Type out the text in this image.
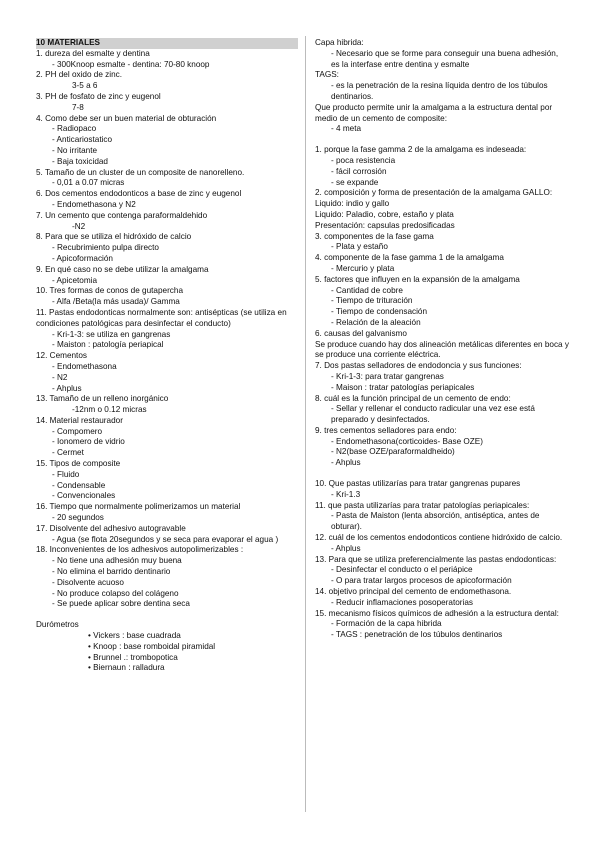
10 MATERIALES
1. dureza del esmalte y dentina
- 300Knoop esmalte - dentina: 70-80 knoop
2. PH del oxido de zinc.
3-5 a 6
3. PH de fosfato de zinc y eugenol
7-8
4. Como debe ser un buen material de obturación
- Radiopaco
- Anticariostatico
- No irritante
- Baja toxicidad
5. Tamaño de un cluster de un composite de nanorelleno.
- 0,01 a 0.07 micras
6. Dos cementos endodonticos a base de zinc y eugenol
- Endomethasona y N2
7. Un cemento que contenga paraformaldehido
-N2
8. Para que se utiliza el hidróxido de calcio
- Recubrimiento pulpa directo
- Apicoformación
9. En qué caso no se debe utilizar la amalgama
- Apicetomia
10. Tres formas de conos de gutapercha
- Alfa /Beta(la más usada)/ Gamma
11. Pastas endodonticas normalmente son: antisépticas (se utiliza en condiciones patológicas para desinfectar el conducto)
- Kri-1-3: se utiliza en gangrenas
- Maiston : patología periapical
12. Cementos
- Endomethasona
- N2
- Ahplus
13. Tamaño de un relleno inorgánico
-12nm o 0.12 micras
14. Material restaurador
- Compomero
- Ionomero de vidrio
- Cermet
15. Tipos de composite
- Fluido
- Condensable
- Convencionales
16. Tiempo que normalmente polimerizamos un material
- 20 segundos
17. Disolvente del adhesivo autogravable
- Agua (se flota 20segundos y se seca para evaporar el agua )
18. Inconvenientes de los adhesivos autopolimerizables :
- No tiene una adhesión muy buena
- No elimina el barrido dentinario
- Disolvente acuoso
- No produce colapso del colágeno
- Se puede aplicar sobre dentina seca
Durómetros
• Vickers : base cuadrada
• Knoop : base romboidal piramidal
• Brunnel .: trombopotica
• Biernaun : ralladura
Capa hibrida:
- Necesario que se forme para conseguir una buena adhesión, es la interfase entre dentina y esmalte
TAGS:
- es la penetración de la resina líquida dentro de los túbulos dentinarios.
Que producto permite unir la amalgama a la estructura dental por medio de un cemento de composite:
- 4 meta
1. porque la fase gamma 2 de la amalgama es indeseada:
- poca resistencia
- fácil corrosión
- se expande
2. composición y forma de presentación de la amalgama GALLO:
Liquido: indio y gallo
Liquido: Paladio, cobre, estaño y plata
Presentación: capsulas predosificadas
3. componentes de la fase gama
- Plata y estaño
4. componente de la fase gamma 1 de la amalgama
- Mercurio y plata
5. factores que influyen en la expansión de la amalgama
- Cantidad de cobre
- Tiempo de trituración
- Tiempo de condensación
- Relación de la aleación
6. causas del galvanismo
Se produce cuando hay dos alineación metálicas diferentes en boca y se produce una corriente eléctrica.
7. Dos pastas selladores de endodoncia y sus funciones:
- Kri-1-3: para tratar gangrenas
- Maison : tratar patologías periapicales
8. cuál es la función principal de un cemento de endo:
- Sellar y rellenar el conducto radicular una vez ese está preparado y desinfectados.
9. tres cementos selladores para endo:
- Endomethasona(corticoides- Base OZE)
- N2(base OZE/paraformaldheido)
- Ahplus
10. Que pastas utilizarías para tratar gangrenas pupares
- Kri-1.3
11. que pasta utilizarías para tratar patologías periapicales:
- Pasta de Maiston (lenta absorción, antiséptica, antes de obturar).
12. cuál de los cementos endodonticos contiene hidróxido de calcio.
- Ahplus
13. Para que se utiliza preferencialmente las pastas endodonticas:
- Desinfectar el conducto o el periápice
- O para tratar largos procesos de apicoformación
14. objetivo principal del cemento de endomethasona.
- Reducir inflamaciones posoperatorias
15. mecanismo físicos químicos de adhesión a la estructura dental:
- Formación de la capa hibrida
- TAGS : penetración de los túbulos dentinarios
